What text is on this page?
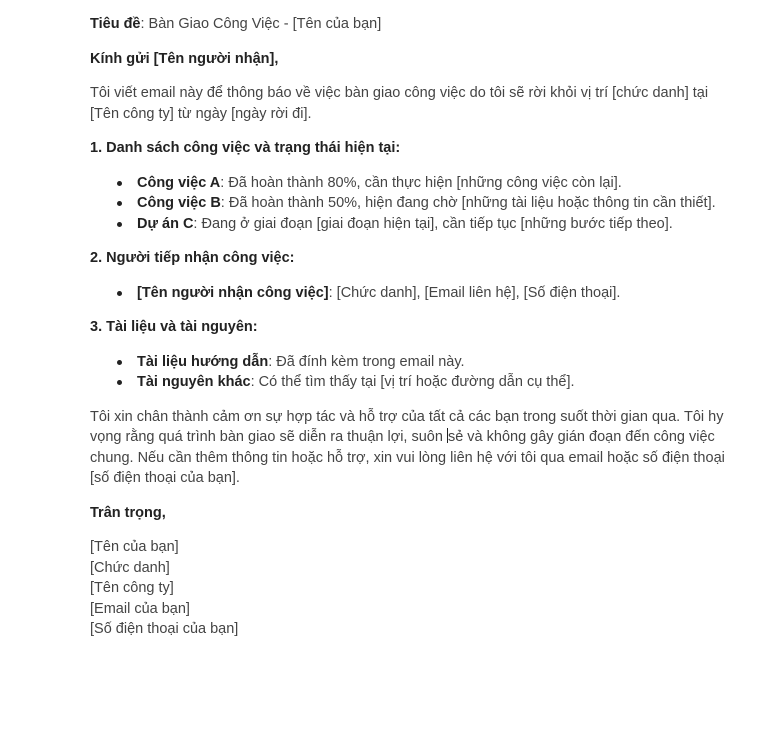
Tiêu đề: Bàn Giao Công Việc - [Tên của bạn]

Kính gửi [Tên người nhận],

Tôi viết email này để thông báo về việc bàn giao công việc do tôi sẽ rời khỏi vị trí [chức danh] tại [Tên công ty] từ ngày [ngày rời đi].

1. Danh sách công việc và trạng thái hiện tại:

Công việc A: Đã hoàn thành 80%, cần thực hiện [những công việc còn lại].
Công việc B: Đã hoàn thành 50%, hiện đang chờ [những tài liệu hoặc thông tin cần thiết].
Dự án C: Đang ở giai đoạn [giai đoạn hiện tại], cần tiếp tục [những bước tiếp theo].

2. Người tiếp nhận công việc:

[Tên người nhận công việc]: [Chức danh], [Email liên hệ], [Số điện thoại].

3. Tài liệu và tài nguyên:

Tài liệu hướng dẫn: Đã đính kèm trong email này.
Tài nguyên khác: Có thể tìm thấy tại [vị trí hoặc đường dẫn cụ thể].

Tôi xin chân thành cảm ơn sự hợp tác và hỗ trợ của tất cả các bạn trong suốt thời gian qua. Tôi hy vọng rằng quá trình bàn giao sẽ diễn ra thuận lợi, suôn sẻ và không gây gián đoạn đến công việc chung. Nếu cần thêm thông tin hoặc hỗ trợ, xin vui lòng liên hệ với tôi qua email hoặc số điện thoại [số điện thoại của bạn].

Trân trọng,

[Tên của bạn]

[Chức danh]

[Tên công ty]

[Email của bạn]

[Số điện thoại của bạn]
